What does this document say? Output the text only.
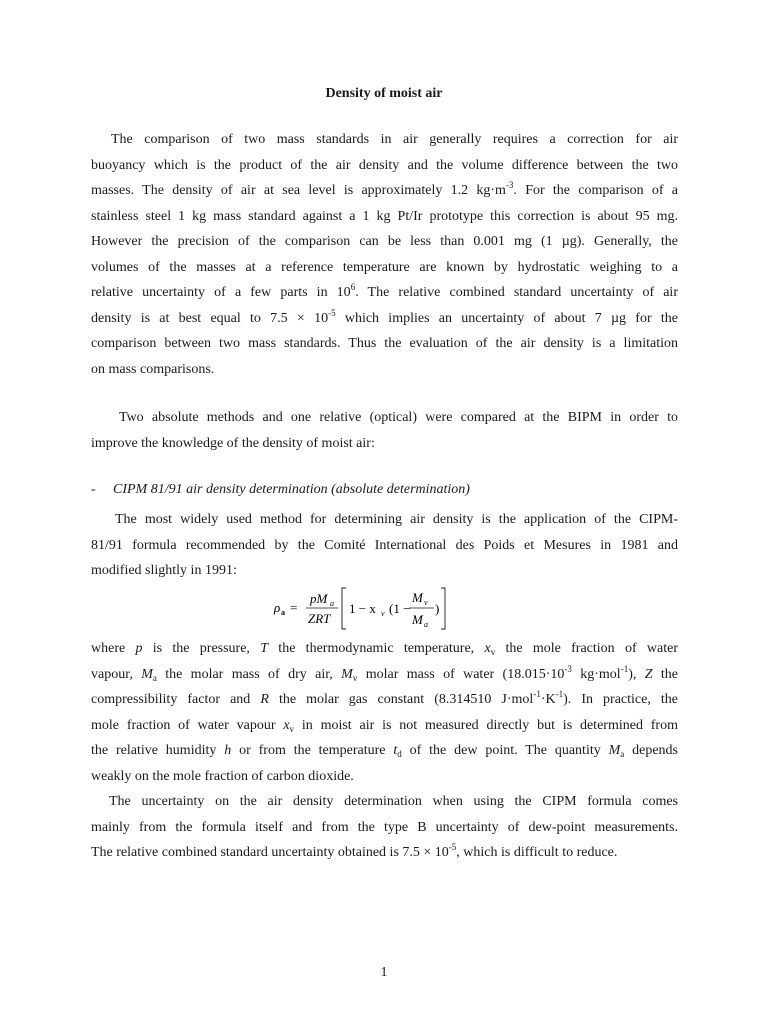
Density of moist air
The comparison of two mass standards in air generally requires a correction for air
buoyancy which is the product of the air density and the volume difference between the two
masses. The density of air at sea level is approximately 1.2 $kg\cdot m^{-3}$. For the comparison of a
stainless steel 1 kg mass standard against a 1 kg Pt/Ir prototype this correction is about 95 mg.
However the precision of the comparison can be less than 0.001 mg (1 µg). Generally, the
volumes of the masses at a reference temperature are known by hydrostatic weighing to a
relative uncertainty of a few parts in $10^6$. The relative combined standard uncertainty of air
density is at best equal to $7.5 \times 10^{-5}$ which implies an uncertainty of about 7 µg for the
comparison between two mass standards. Thus the evaluation of the air density is a limitation
on mass comparisons.
Two absolute methods and one relative (optical) were compared at the BIPM in order to
improve the knowledge of the density of moist air:
- CIPM 81/91 air density determination (absolute determination)
The most widely used method for determining air density is the application of the CIPM-
81/91 formula recommended by the Comité International des Poids et Mesures in 1981 and
modified slightly in 1991:
ρ a =
pM a
ZRT
1 − x v (1 −
M v
M a
)
where p is the pressure, T the thermodynamic temperature, $x_v$ the mole fraction of water
vapour, $M_a$ the molar mass of dry air, $M_v$ molar mass of water ($18.015\cdot 10^{-3}$ kg·mol$^{-1}$), Z the
compressibility factor and R the molar gas constant (8.314510 $J\cdot mol^{-1}\cdot K^{-1}$). In practice, the
mole fraction of water vapour $x_v$ in moist air is not measured directly but is determined from
the relative humidity h or from the temperature $t_d$ of the dew point. The quantity $M_a$ depends
weakly on the mole fraction of carbon dioxide.
The uncertainty on the air density determination when using the CIPM formula comes
mainly from the formula itself and from the type B uncertainty of dew-point measurements.
The relative combined standard uncertainty obtained is $7.5 \times 10^{-5}$, which is difficult to reduce.
1
